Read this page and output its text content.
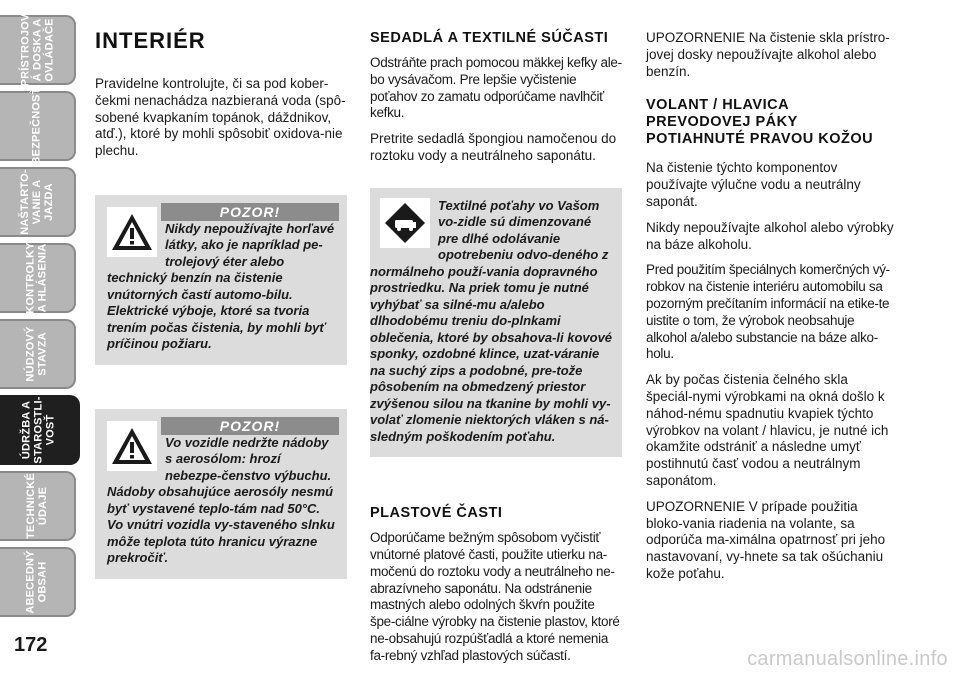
PRÍSTROJOV
Á DOSKA A
OVLÁDAČE
BEZPEČNOSŤ
NAŠTARTO-
VANIE A
JAZDA
KONTROLKY
A HLÁSENIA
NÚDZOVÝ
STAVZA
ÚDRŽBA A
STAROSTLI-
VOSŤ
TECHNICKÉ
ÚDAJE
ABECEDNÝ
OBSAH
172
INTERIÉR

Pravidelne kontrolujte, či sa pod kober-čekmi nenachádza nazbieraná voda (spô-sobené kvapkaním topánok, dáždnikov, atď.), ktoré by mohli spôsobiť oxidova-nie plechu.

POZOR!

Nikdy nepoužívajte horľavé látky, ako je napríklad pe-trolejový éter alebo technický benzín na čistenie vnútorných častí automo-bilu. Elektrické výboje, ktoré sa tvoria trením počas čistenia, by mohli byť príčinou požiaru.

POZOR!

Vo vozidle nedržte nádoby s aerosólom: hrozí nebezpe-čenstvo výbuchu. Nádoby obsahujúce aerosóly nesmú byť vystavené teplo-tám nad 50°C. Vo vnútri vozidla vy-staveného slnku môže teplota túto hranicu výrazne prekročiť.

SEDADLÁ A TEXTILNÉ SÚČASTI

Odstráňte prach pomocou mäkkej kefky ale-bo vysávačom. Pre lepšie vyčistenie poťahov zo zamatu odporúčame navlhčiť kefku.

Pretrite sedadlá špongiou namočenou do roztoku vody a neutrálneho saponátu.

Textilné poťahy vo Vašom vo-zidle sú dimenzované pre dlhé odolávanie opotrebeniu odvo-deného z normálneho použí-vania dopravného prostriedku. Na priek tomu je nutné vyhýbať sa silné-mu a/alebo dlhodobému treniu do-plnkami oblečenia, ktoré by obsahova-li kovové sponky, ozdobné klince, uzat-váranie na suchý zips a podobné, pre-tože pôsobením na obmedzený priestor zvýšenou silou na tkanine by mohli vy-volať zlomenie niektorých vláken s ná-sledným poškodením poťahu.

PLASTOVÉ ČASTI

Odporúčame bežným spôsobom vyčistiť vnútorné platové časti, použite utierku na-močenú do roztoku vody a neutrálneho ne-abrazívneho saponátu. Na odstránenie mastných alebo odolných škvŕn použite špe-ciálne výrobky na čistenie plastov, ktoré ne-obsahujú rozpúšťadlá a ktoré nemenia fa-rebný vzhľad plastových súčastí.

UPOZORNENIE Na čistenie skla prístro-jovej dosky nepoužívajte alkohol alebo benzín.

VOLANT / HLAVICA PREVODOVEJ PÁKY POTIAHNUTÉ PRAVOU KOŽOU

Na čistenie týchto komponentov používajte výlučne vodu a neutrálny saponát.

Nikdy nepoužívajte alkohol alebo výrobky na báze alkoholu.

Pred použitím špeciálnych komerčných vý-robkov na čistenie interiéru automobilu sa pozorným prečítaním informácií na etike-te uistite o tom, že výrobok neobsahuje alkohol a/alebo substancie na báze alko-holu.

Ak by počas čistenia čelného skla špeciál-nymi výrobkami na okná došlo k náhod-nému spadnutiu kvapiek týchto výrobkov na volant / hlavicu, je nutné ich okamžite odstrániť a následne umyť postihnutú časť vodou a neutrálnym saponátom.

UPOZORNENIE V prípade použitia bloko-vania riadenia na volante, sa odporúča ma-ximálna opatrnosť pri jeho nastavovaní, vy-hnete sa tak ošúchaniu kože poťahu.

carmanualsonline.info
